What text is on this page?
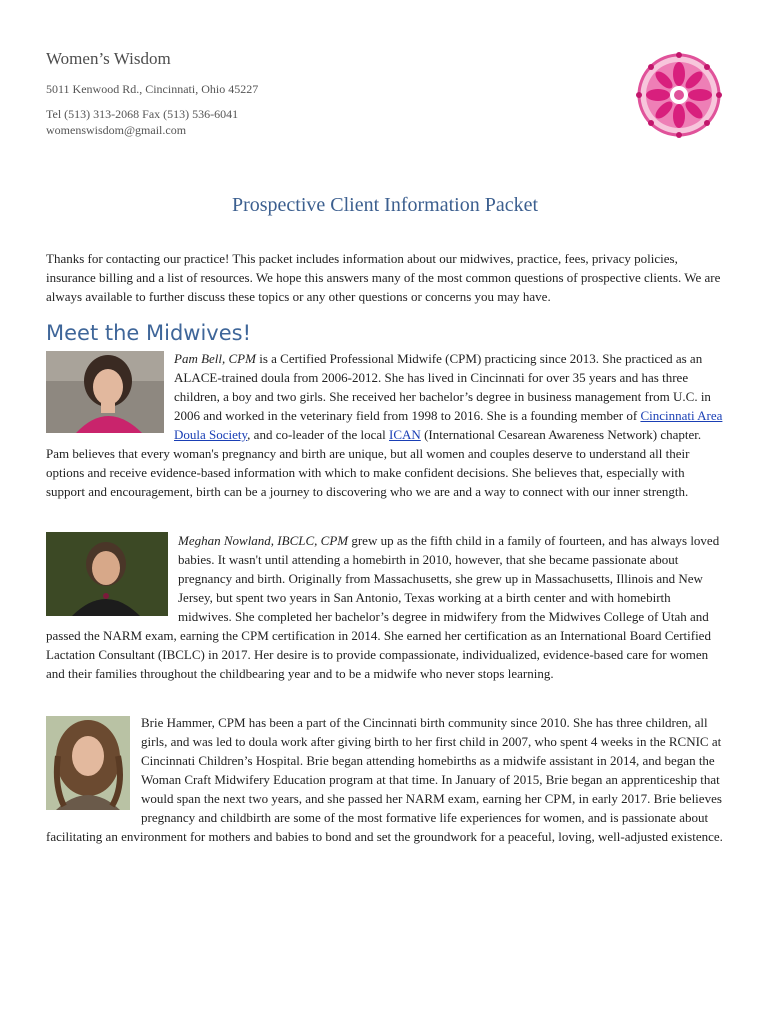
Women’s Wisdom

5011 Kenwood Rd., Cincinnati, Ohio 45227

Tel (513) 313-2068 Fax (513) 536-6041

womenswisdom@gmail.com

Prospective Client Information Packet

Thanks for contacting our practice! This packet includes information about our midwives, practice, fees, privacy policies, insurance billing and a list of resources. We hope this answers many of the most common questions of prospective clients. We are always available to further discuss these topics or any other questions or concerns you may have.

Meet the Midwives!
Pam Bell, CPM is a Certified Professional Midwife (CPM) practicing since 2013. She practiced as an ALACE-trained doula from 2006-2012. She has lived in Cincinnati for over 35 years and has three children, a boy and two girls. She received her bachelor’s degree in business management from U.C. in 2006 and worked in the veterinary field from 1998 to 2016. She is a founding member of Cincinnati Area Doula Society, and co-leader of the local ICAN (International Cesarean Awareness Network) chapter. Pam believes that every woman's pregnancy and birth are unique, but all women and couples deserve to understand all their options and receive evidence-based information with which to make confident decisions. She believes that, especially with support and encouragement, birth can be a journey to discovering who we are and a way to connect with our inner strength.
Meghan Nowland, IBCLC, CPM grew up as the fifth child in a family of fourteen, and has always loved babies. It wasn't until attending a homebirth in 2010, however, that she became passionate about pregnancy and birth. Originally from Massachusetts, she grew up in Massachusetts, Illinois and New Jersey, but spent two years in San Antonio, Texas working at a birth center and with homebirth midwives. She completed her bachelor’s degree in midwifery from the Midwives College of Utah and passed the NARM exam, earning the CPM certification in 2014. She earned her certification as an International Board Certified Lactation Consultant (IBCLC) in 2017. Her desire is to provide compassionate, individualized, evidence-based care for women and their families throughout the childbearing year and to be a midwife who never stops learning.
Brie Hammer, CPM has been a part of the Cincinnati birth community since 2010. She has three children, all girls, and was led to doula work after giving birth to her first child in 2007, who spent 4 weeks in the RCNIC at Cincinnati Children’s Hospital. Brie began attending homebirths as a midwife assistant in 2014, and began the Woman Craft Midwifery Education program at that time. In January of 2015, Brie began an apprenticeship that would span the next two years, and she passed her NARM exam, earning her CPM, in early 2017. Brie believes pregnancy and childbirth are some of the most formative life experiences for women, and is passionate about facilitating an environment for mothers and babies to bond and set the groundwork for a peaceful, loving, well-adjusted existence.
